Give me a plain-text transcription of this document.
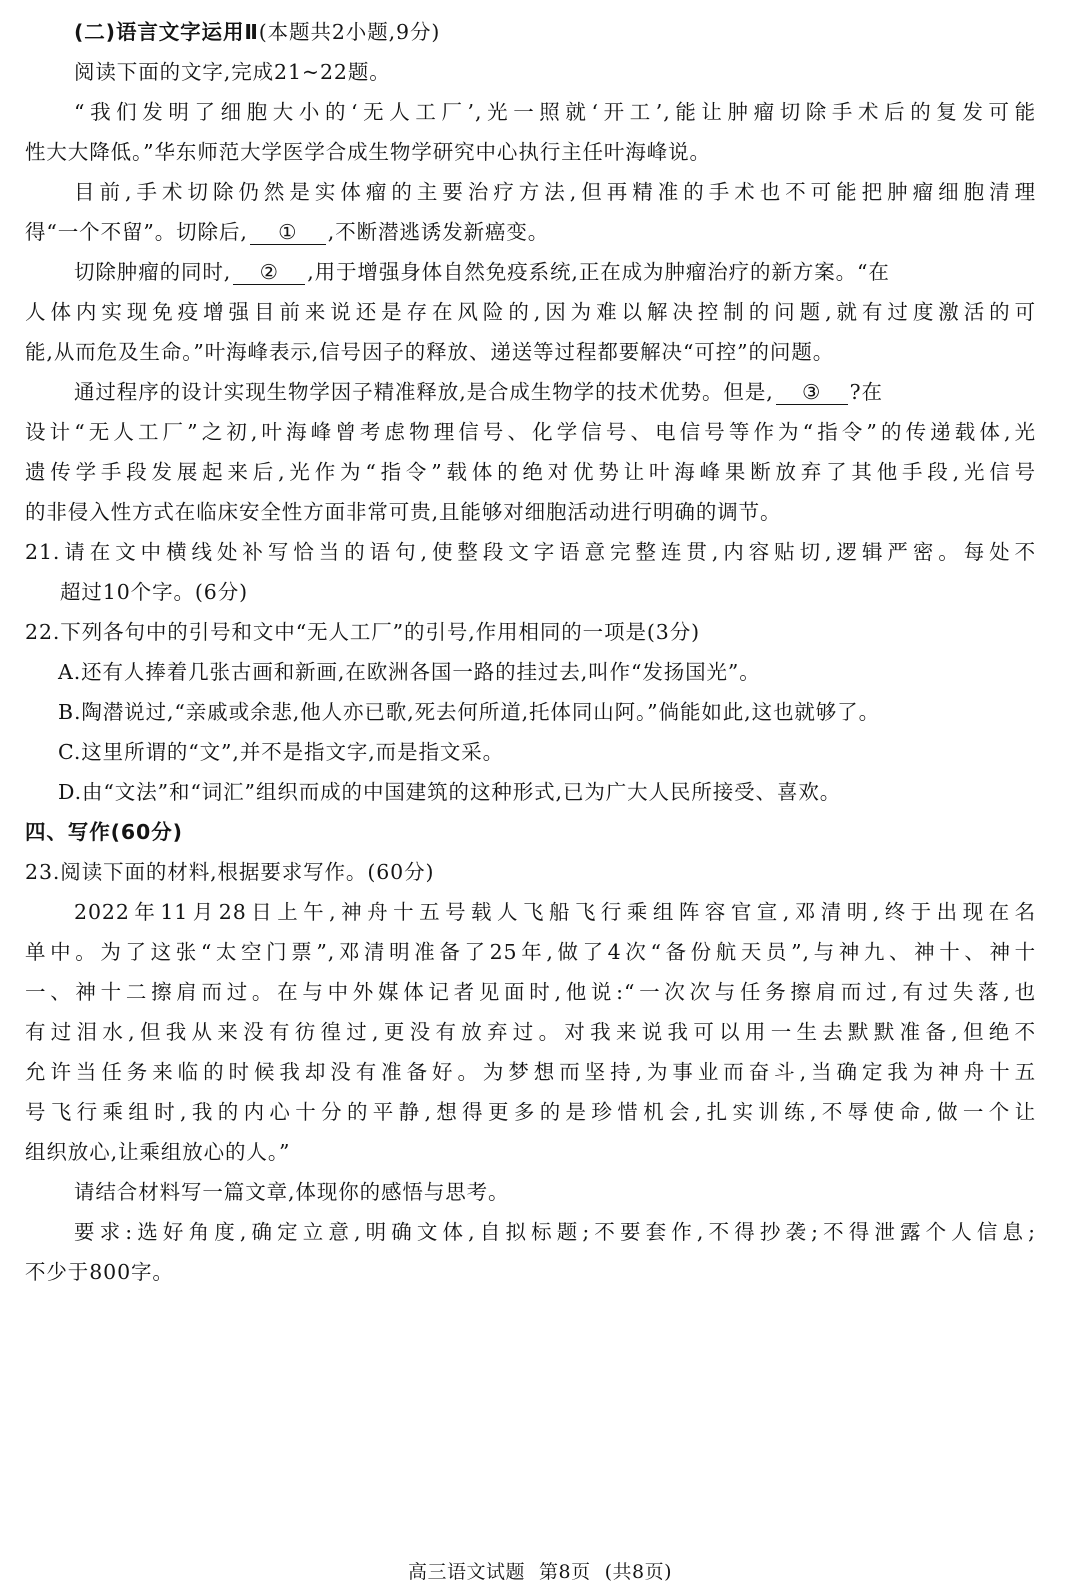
(二)语言文字运用Ⅱ(本题共2小题,9分)
阅读下面的文字,完成21~22题。
“我们发明了细胞大小的‘无人工厂’,光一照就‘开工’,能让肿瘤切除手术后的复发可能
性大大降低。”华东师范大学医学合成生物学研究中心执行主任叶海峰说。
目前,手术切除仍然是实体瘤的主要治疗方法,但再精准的手术也不可能把肿瘤细胞清理
得“一个不留”。切除后, ① ,不断潜逃诱发新癌变。
切除肿瘤的同时, ② ,用于增强身体自然免疫系统,正在成为肿瘤治疗的新方案。“在
人体内实现免疫增强目前来说还是存在风险的,因为难以解决控制的问题,就有过度激活的可
能,从而危及生命。”叶海峰表示,信号因子的释放、递送等过程都要解决“可控”的问题。
通过程序的设计实现生物学因子精准释放,是合成生物学的技术优势。但是, ③ ?在
设计“无人工厂”之初,叶海峰曾考虑物理信号、化学信号、电信号等作为“指令”的传递载体,光
遗传学手段发展起来后,光作为“指令”载体的绝对优势让叶海峰果断放弃了其他手段,光信号
的非侵入性方式在临床安全性方面非常可贵,且能够对细胞活动进行明确的调节。
21.请在文中横线处补写恰当的语句,使整段文字语意完整连贯,内容贴切,逻辑严密。每处不
超过10个字。(6分)
22.下列各句中的引号和文中“无人工厂”的引号,作用相同的一项是(3分)
A.还有人捧着几张古画和新画,在欧洲各国一路的挂过去,叫作“发扬国光”。
B.陶潜说过,“亲戚或余悲,他人亦已歌,死去何所道,托体同山阿。”倘能如此,这也就够了。
C.这里所谓的“文”,并不是指文字,而是指文采。
D.由“文法”和“词汇”组织而成的中国建筑的这种形式,已为广大人民所接受、喜欢。
四、写作(60分)
23.阅读下面的材料,根据要求写作。(60分)
2022年11月28日上午,神舟十五号载人飞船飞行乘组阵容官宣,邓清明,终于出现在名
单中。为了这张“太空门票”,邓清明准备了25年,做了4次“备份航天员”,与神九、神十、神十
一、神十二擦肩而过。在与中外媒体记者见面时,他说:“一次次与任务擦肩而过,有过失落,也
有过泪水,但我从来没有彷徨过,更没有放弃过。对我来说我可以用一生去默默准备,但绝不
允许当任务来临的时候我却没有准备好。为梦想而坚持,为事业而奋斗,当确定我为神舟十五
号飞行乘组时,我的内心十分的平静,想得更多的是珍惜机会,扎实训练,不辱使命,做一个让
组织放心,让乘组放心的人。”
请结合材料写一篇文章,体现你的感悟与思考。
要求:选好角度,确定立意,明确文体,自拟标题;不要套作,不得抄袭;不得泄露个人信息;
不少于800字。
高三语文试题 第8页 (共8页)
